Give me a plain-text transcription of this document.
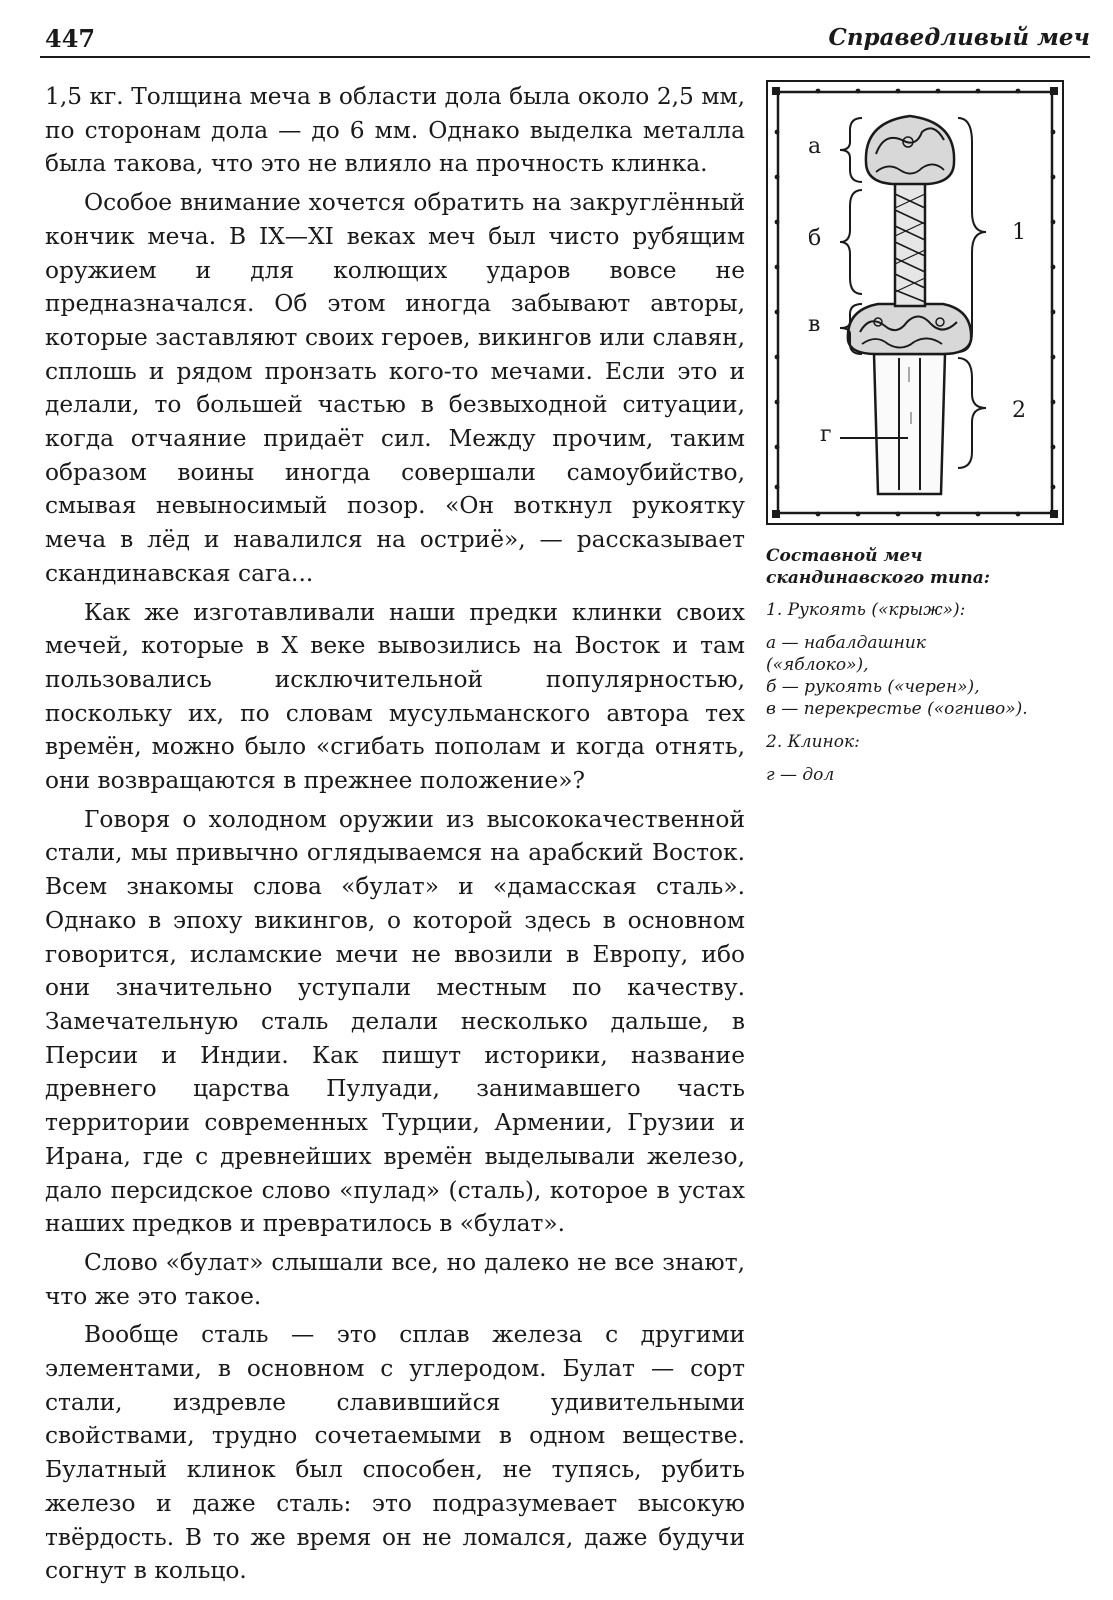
447	Справедливый меч

1,5 кг. Толщина меча в области дола была около 2,5 мм, по сторонам дола — до 6 мм. Однако выделка металла была такова, что это не влияло на прочность клинка.

Особое внимание хочется обратить на закруглённый кончик меча. В IX—XI веках меч был чисто рубящим оружием и для колющих ударов вовсе не предназначался. Об этом иногда забывают авторы, которые заставляют своих героев, викингов или славян, сплошь и рядом пронзать кого-то мечами. Если это и делали, то большей частью в безвыходной ситуации, когда отчаяние придаёт сил. Между прочим, таким образом воины иногда совершали самоубийство, смывая невыносимый позор. «Он воткнул рукоятку меча в лёд и навалился на остриё», — рассказывает скандинавская сага...

Как же изготавливали наши предки клинки своих мечей, которые в X веке вывозились на Восток и там пользовались исключительной популярностью, поскольку их, по словам мусульманского автора тех времён, можно было «сгибать пополам и когда отнять, они возвращаются в прежнее положение»?

Говоря о холодном оружии из высококачественной стали, мы привычно оглядываемся на арабский Восток. Всем знакомы слова «булат» и «дамасская сталь». Однако в эпоху викингов, о которой здесь в основном говорится, исламские мечи не ввозили в Европу, ибо они значительно уступали местным по качеству. Замечательную сталь делали несколько дальше, в Персии и Индии. Как пишут историки, название древнего царства Пулуади, занимавшего часть территории современных Турции, Армении, Грузии и Ирана, где с древнейших времён выделывали железо, дало персидское слово «пулад» (сталь), которое в устах наших предков и превратилось в «булат».

Слово «булат» слышали все, но далеко не все знают, что же это такое.

Вообще сталь — это сплав железа с другими элементами, в основном с углеродом. Булат — сорт стали, издревле славившийся удивительными свойствами, трудно сочетаемыми в одном веществе. Булатный клинок был способен, не тупясь, рубить железо и даже сталь: это подразумевает высокую твёрдость. В то же время он не ломался, даже будучи согнут в кольцо.

а
б
в
г
1
2
Составной меч
скандинавского типа:
1. Рукоять («крыж»):
а — набалдашник
(«яблоко»),
б — рукоять («черен»),
в — перекрестье («огниво»).
2. Клинок:
г — дол
